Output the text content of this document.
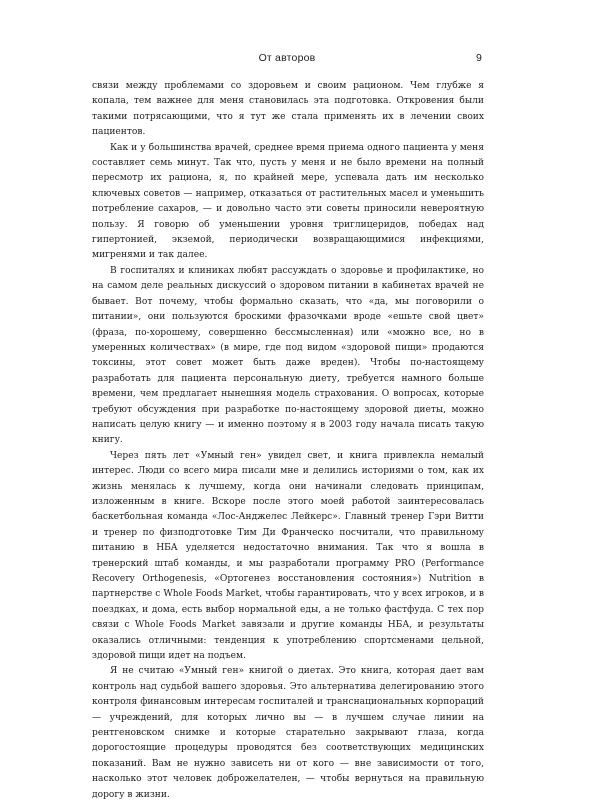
От авторов	9

связи между проблемами со здоровьем и своим рационом. Чем глубже я копала, тем важнее для меня становилась эта подготовка. Откровения были такими потрясающими, что я тут же стала применять их в лечении своих пациентов.

Как и у большинства врачей, среднее время приема одного пациента у меня составляет семь минут. Так что, пусть у меня и не было времени на полный пересмотр их рациона, я, по крайней мере, успевала дать им несколько ключевых советов — например, отказаться от растительных масел и уменьшить потребление сахаров, — и довольно часто эти советы приносили невероятную пользу. Я говорю об уменьшении уровня триглицеридов, победах над гипертонией, экземой, периодически возвращающимися инфекциями, мигренями и так далее.

В госпиталях и клиниках любят рассуждать о здоровье и профилактике, но на самом деле реальных дискуссий о здоровом питании в кабинетах врачей не бывает. Вот почему, чтобы формально сказать, что «да, мы поговорили о питании», они пользуются броскими фразочками вроде «ешьте свой цвет» (фраза, по-хорошему, совершенно бессмысленная) или «можно все, но в умеренных количествах» (в мире, где под видом «здоровой пищи» продаются токсины, этот совет может быть даже вреден). Чтобы по-настоящему разработать для пациента персональную диету, требуется намного больше времени, чем предлагает нынешняя модель страхования. О вопросах, которые требуют обсуждения при разработке по-настоящему здоровой диеты, можно написать целую книгу — и именно поэтому я в 2003 году начала писать такую книгу.

Через пять лет «Умный ген» увидел свет, и книга привлекла немалый интерес. Люди со всего мира писали мне и делились историями о том, как их жизнь менялась к лучшему, когда они начинали следовать принципам, изложенным в книге. Вскоре после этого моей работой заинтересовалась баскетбольная команда «Лос-Анджелес Лейкерс». Главный тренер Гэри Витти и тренер по физподготовке Тим Ди Франческо посчитали, что правильному питанию в НБА уделяется недостаточно внимания. Так что я вошла в тренерский штаб команды, и мы разработали программу PRO (Performance Recovery Orthogenesis, «Ортогенез восстановления состояния») Nutrition в партнерстве с Whole Foods Market, чтобы гарантировать, что у всех игроков, и в поездках, и дома, есть выбор нормальной еды, а не только фастфуда. С тех пор связи с Whole Foods Market завязали и другие команды НБА, и результаты оказались отличными: тенденция к употреблению спортсменами цельной, здоровой пищи идет на подъем.

Я не считаю «Умный ген» книгой о диетах. Это книга, которая дает вам контроль над судьбой вашего здоровья. Это альтернатива делегированию этого контроля финансовым интересам госпиталей и транснациональных корпораций — учреждений, для которых лично вы — в лучшем случае линии на рентгеновском снимке и которые старательно закрывают глаза, когда дорогостоящие процедуры проводятся без соответствующих медицинских показаний. Вам не нужно зависеть ни от кого — вне зависимости от того, насколько этот человек доброжелателен, — чтобы вернуться на правильную дорогу в жизни.
